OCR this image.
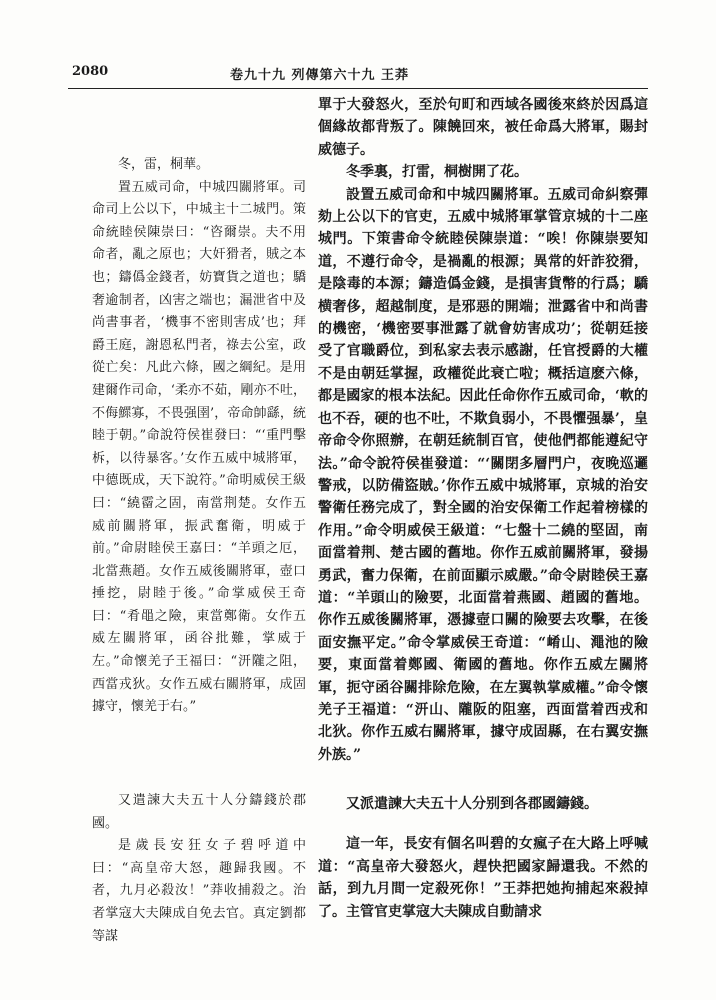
2080	卷九十九 列傳第六十九 王莽

冬，雷，桐華。

置五威司命，中城四關將軍。司命司上公以下，中城主十二城門。策命統睦侯陳崇曰：“咨爾崇。夫不用命者，亂之原也；大奸猾者，賊之本也；鑄僞金錢者，妨寶貨之道也；驕奢逾制者，凶害之端也；漏泄省中及尚書事者，‘機事不密則害成’也；拜爵王庭，謝恩私門者，祿去公室，政從亡矣：凡此六條，國之綱紀。是用建爾作司命，‘柔亦不茹，剛亦不吐，不侮鰥寡，不畏强圉’，帝命帥繇，統睦于朝。”命說符侯崔發曰：“‘重門擊柝，以待暴客。’女作五威中城將軍，中德既成，天下說符。”命明威侯王級曰：“繞霤之固，南當荆楚。女作五威前關將軍，振武奮衛，明威于前。”命尉睦侯王嘉曰：“羊頭之厄，北當燕趙。女作五威後關將軍，壺口捶挖，尉睦于後。”命掌威侯王奇曰：“肴黽之險，東當鄭衛。女作五威左關將軍，函谷批難，掌威于左。”命懷羌子王福曰：“汧隴之阻，西當戎狄。女作五威右關將軍，成固據守，懷羌于右。”

又遣諫大夫五十人分鑄錢於郡國。

是歲長安狂女子碧呼道中曰：“高皇帝大怒，趣歸我國。不者，九月必殺汝！”莽收捕殺之。治者掌寇大夫陳成自免去官。真定劉都等謀

單于大發怒火，至於句町和西域各國後來終於因爲這個緣故都背叛了。陳饒回來，被任命爲大將軍，賜封威德子。

冬季裏，打雷，桐樹開了花。

設置五威司命和中城四關將軍。五威司命糾察彈劾上公以下的官吏，五威中城將軍掌管京城的十二座城門。下策書命令統睦侯陳崇道：“唉！你陳崇要知道，不遵行命令，是禍亂的根源；異常的奸詐狡猾，是陰毒的本源；鑄造僞金錢，是損害貨幣的行爲；驕横奢侈，超越制度，是邪惡的開端；泄露省中和尚書的機密，‘機密要事泄露了就會妨害成功’；從朝廷接受了官職爵位，到私家去表示感謝，任官授爵的大權不是由朝廷掌握，政權從此衰亡啦；概括這麽六條，都是國家的根本法紀。因此任命你作五威司命，‘軟的也不吞，硬的也不吐，不欺負弱小，不畏懼强暴’，皇帝命令你照辦，在朝廷統制百官，使他們都能遵紀守法。”命令說符侯崔發道：“‘關閉多層門户，夜晚巡邏警戒，以防備盜賊。’你作五威中城將軍，京城的治安警衛任務完成了，對全國的治安保衛工作起着榜樣的作用。”命令明威侯王級道：“七盤十二繞的堅固，南面當着荆、楚古國的舊地。你作五威前關將軍，發揚勇武，奮力保衛，在前面顯示威嚴。”命令尉睦侯王嘉道：“羊頭山的險要，北面當着燕國、趙國的舊地。你作五威後關將軍，憑據壺口關的險要去攻擊，在後面安撫平定。”命令掌威侯王奇道：“崤山、澠池的險要，東面當着鄭國、衛國的舊地。你作五威左關將軍，扼守函谷關排除危險，在左翼執掌威權。”命令懷羌子王福道：“汧山、隴阪的阻塞，西面當着西戎和北狄。你作五威右關將軍，據守成固縣，在右翼安撫外族。”

又派遣諫大夫五十人分别到各郡國鑄錢。

這一年，長安有個名叫碧的女瘋子在大路上呼喊道：“高皇帝大發怒火，趕快把國家歸還我。不然的話，到九月間一定殺死你！”王莽把她拘捕起來殺掉了。主管官吏掌寇大夫陳成自動請求
